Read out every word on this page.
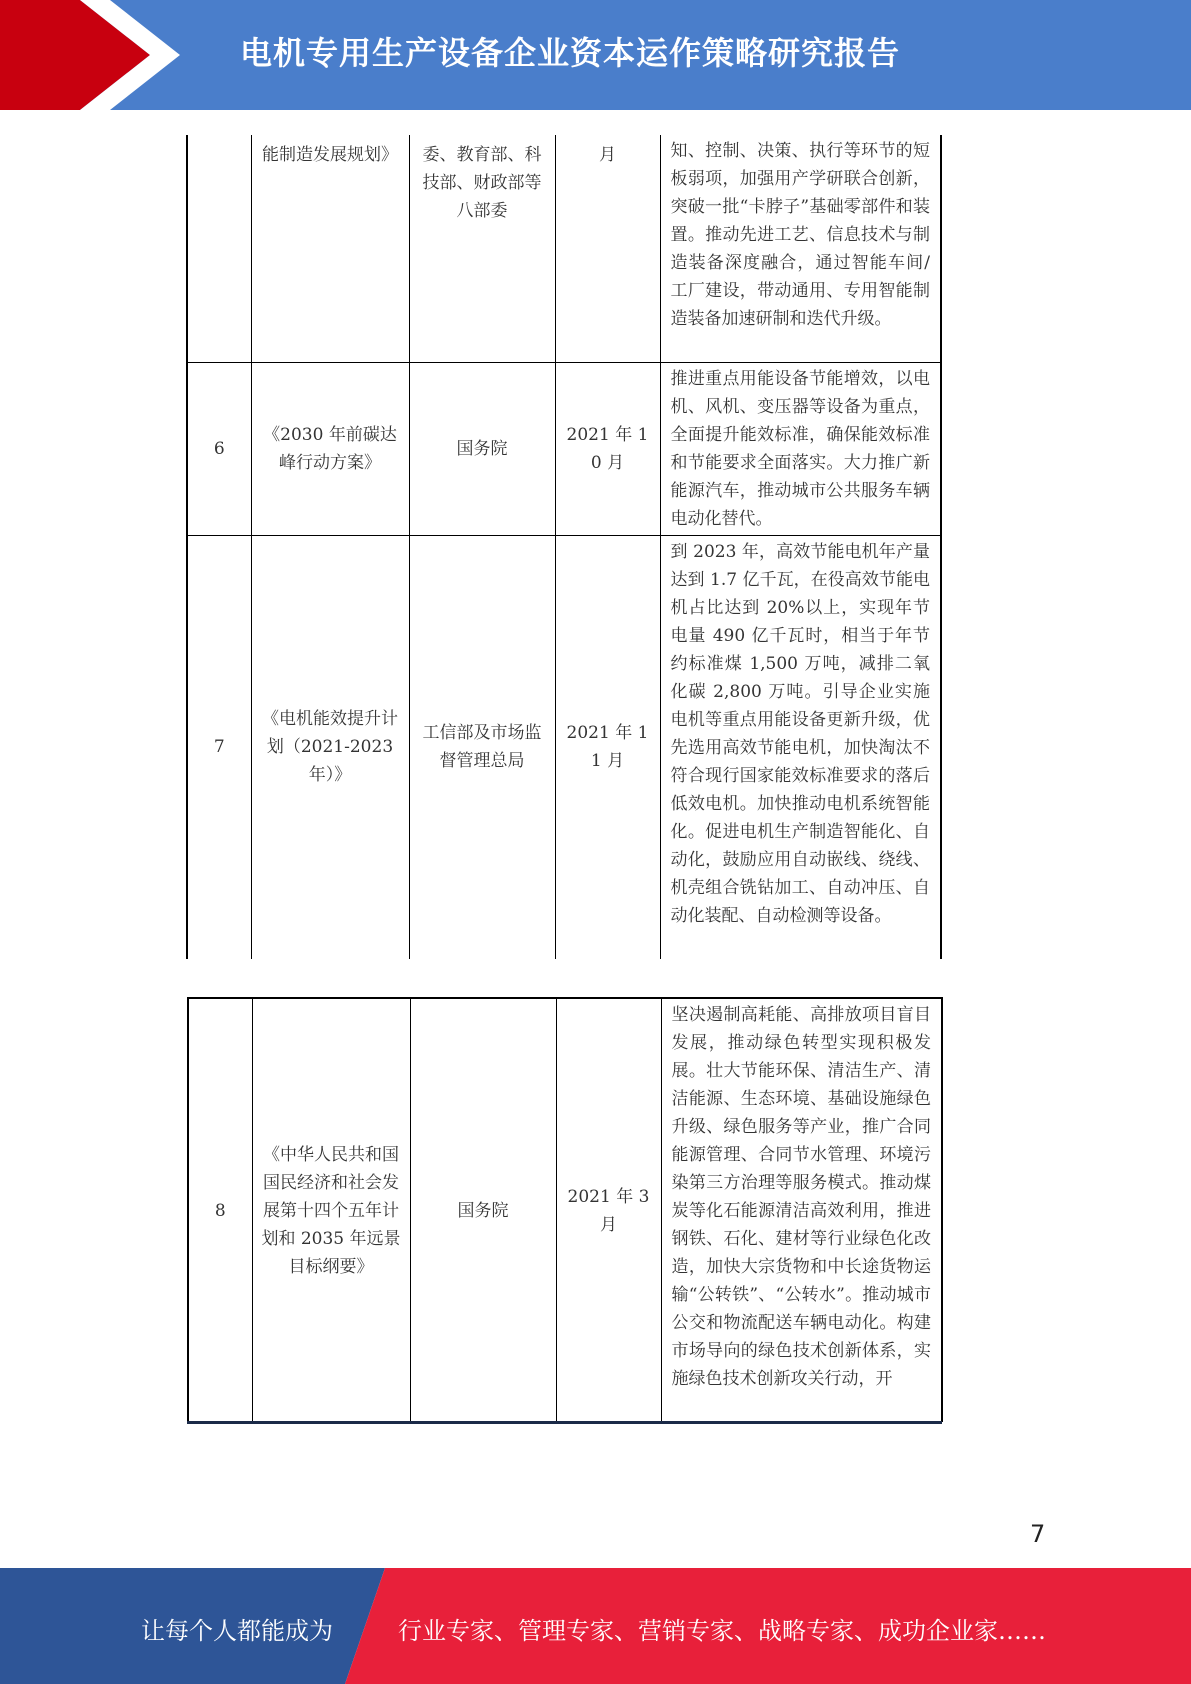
电机专用生产设备企业资本运作策略研究报告
	能制造发展规划》	委、教育部、科技部、财政部等八部委	月	知、控制、决策、执行等环节的短板弱项，加强用产学研联合创新，突破一批“卡脖子”基础零部件和装置。推动先进工艺、信息技术与制造装备深度融合，通过智能车间/工厂建设，带动通用、专用智能制造装备加速研制和迭代升级。
6	《2030 年前碳达峰行动方案》	国务院	2021 年 10 月	推进重点用能设备节能增效，以电机、风机、变压器等设备为重点，全面提升能效标准，确保能效标准和节能要求全面落实。大力推广新能源汽车，推动城市公共服务车辆电动化替代。
7	《电机能效提升计划（2021-2023 年）》	工信部及市场监督管理总局	2021 年 11 月	到 2023 年，高效节能电机年产量达到 1.7 亿千瓦，在役高效节能电机占比达到 20%以上，实现年节电量 490 亿千瓦时，相当于年节约标准煤 1,500 万吨，减排二氧化碳 2,800 万吨。引导企业实施电机等重点用能设备更新升级，优先选用高效节能电机，加快淘汰不符合现行国家能效标准要求的落后低效电机。加快推动电机系统智能化。促进电机生产制造智能化、自动化，鼓励应用自动嵌线、绕线、机壳组合铣钻加工、自动冲压、自动化装配、自动检测等设备。
8	《中华人民共和国国民经济和社会发展第十四个五年计划和 2035 年远景目标纲要》	国务院	2021 年 3 月	坚决遏制高耗能、高排放项目盲目发展，推动绿色转型实现积极发展。壮大节能环保、清洁生产、清洁能源、生态环境、基础设施绿色升级、绿色服务等产业，推广合同能源管理、合同节水管理、环境污染第三方治理等服务模式。推动煤炭等化石能源清洁高效利用，推进钢铁、石化、建材等行业绿色化改造，加快大宗货物和中长途货物运输“公转铁”、“公转水”。推动城市公交和物流配送车辆电动化。构建市场导向的绿色技术创新体系，实施绿色技术创新攻关行动，开
7
让每个人都能成为	行业专家、管理专家、营销专家、战略专家、成功企业家……
